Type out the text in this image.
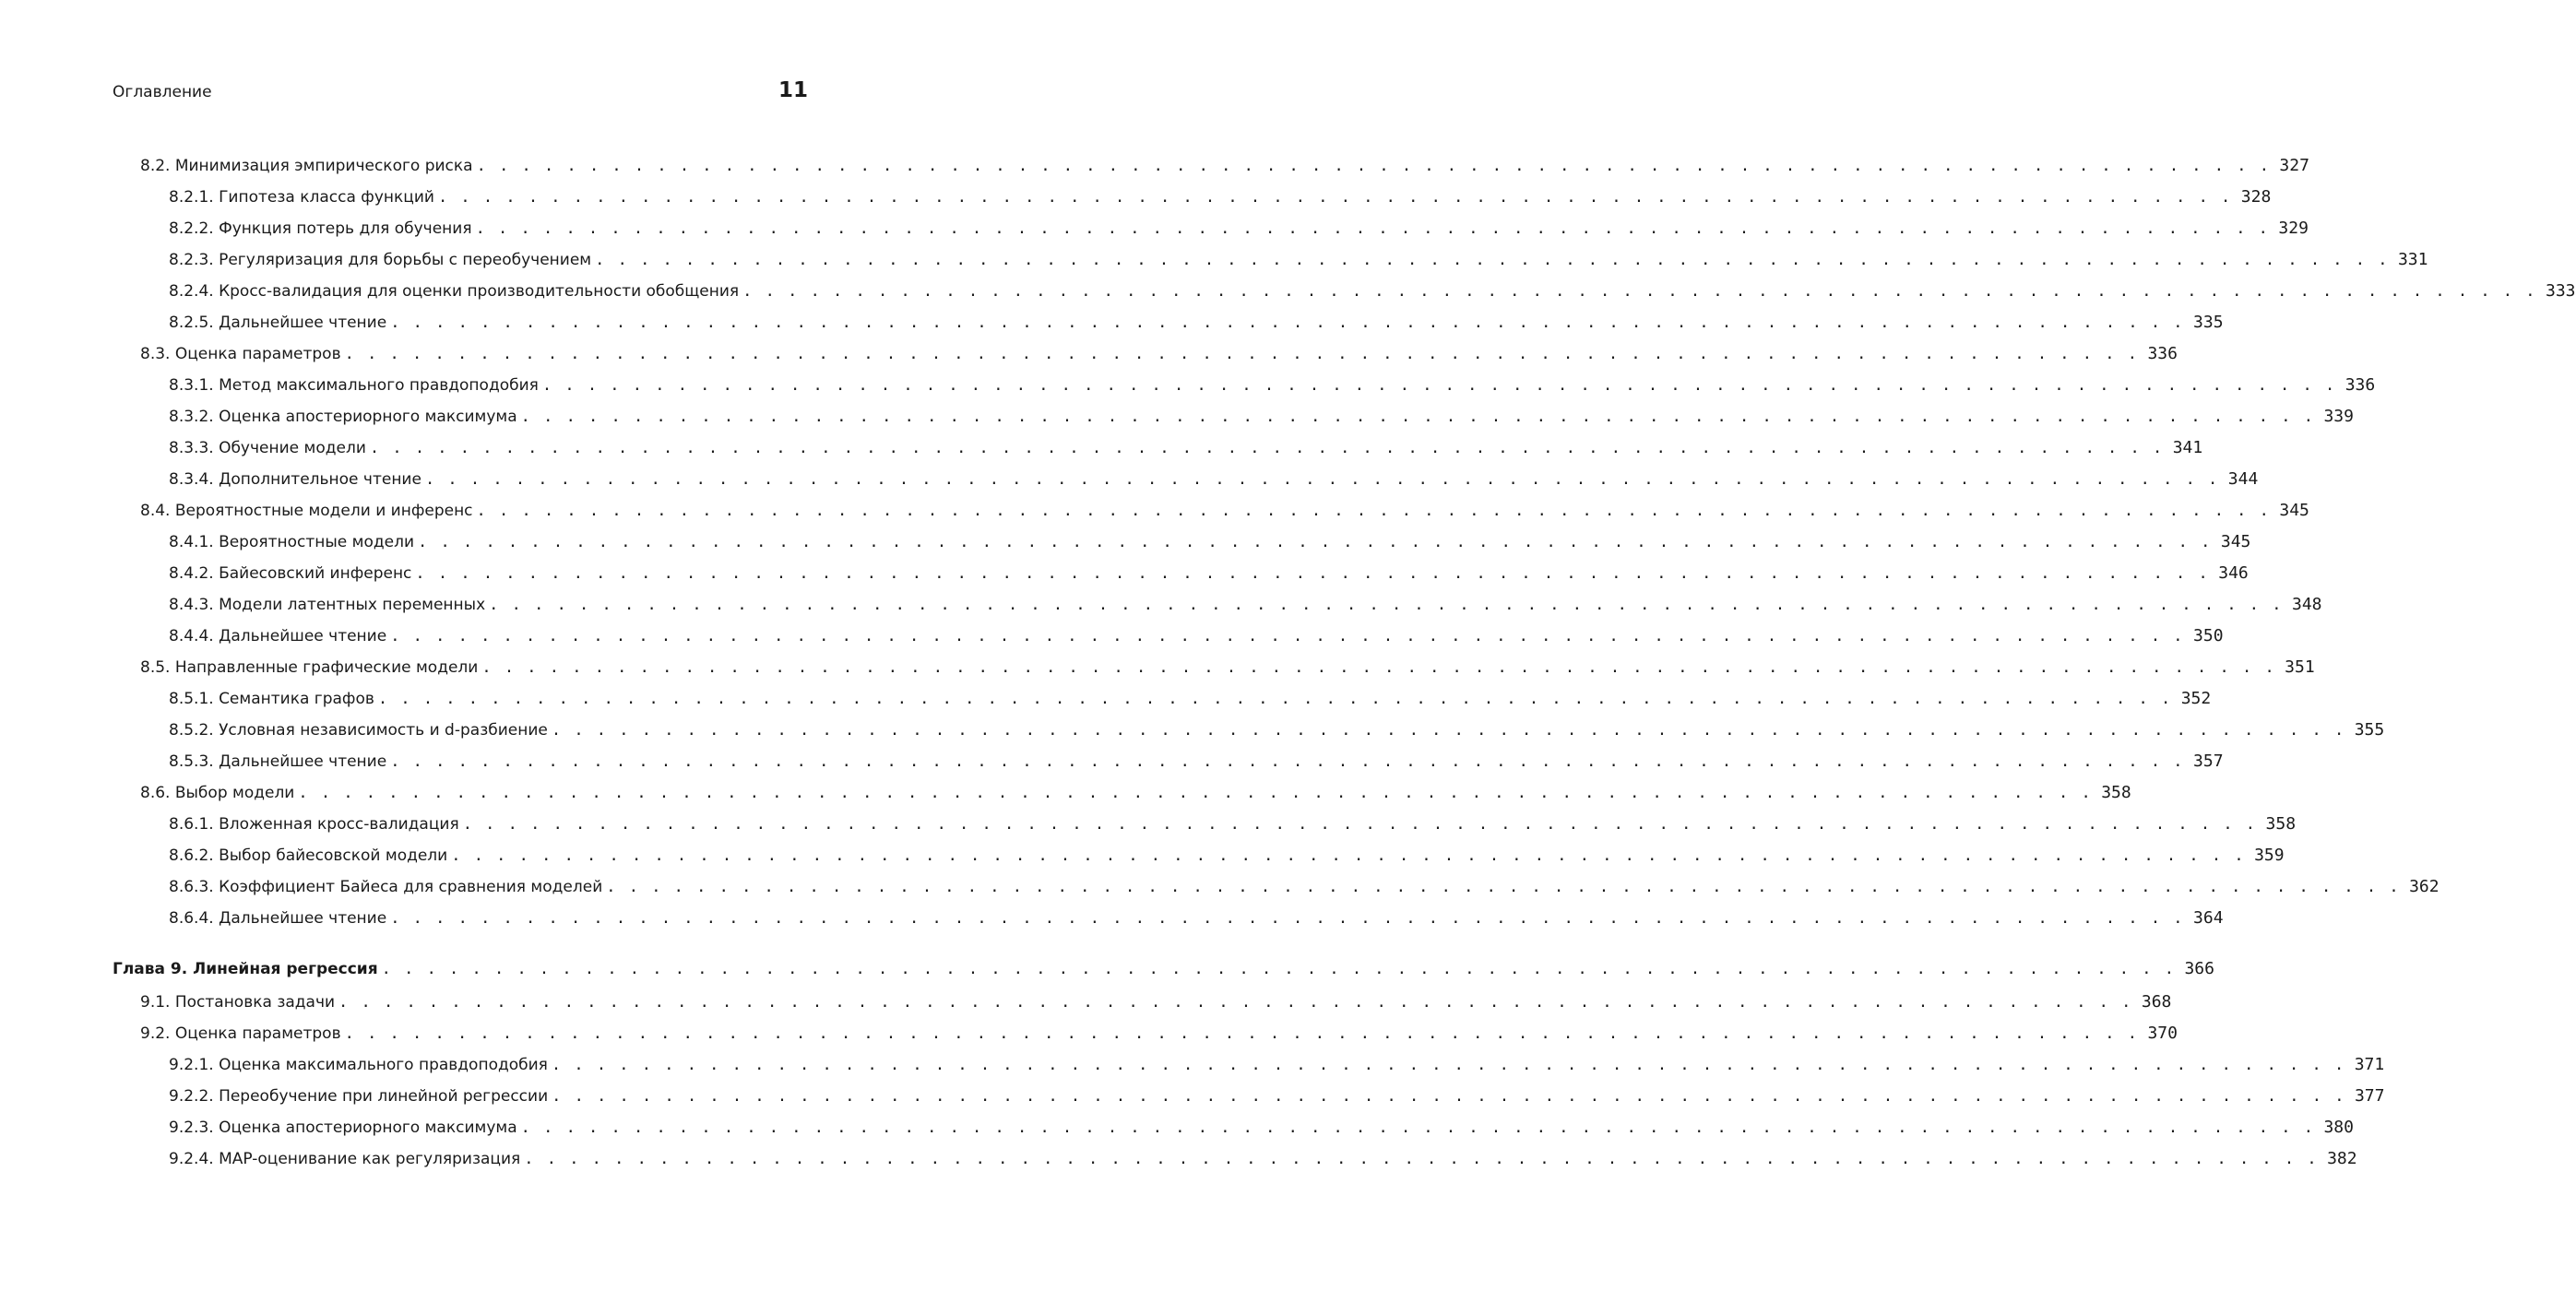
Оглавление	11
8.2. Минимизация эмпирического риска . . . . . . . . . . . . . . . . . . . . . . . . . . . . . . . . . . . . . . . . . . . . . . . . . . . . . . . . . . . . . . . . . . . . . . . . . . . . . . . . 327
8.2.1. Гипотеза класса функций . . . . . . . . . . . . . . . . . . . . . . . . . . . . . . . . . . . . . . . . . . . . . . . . . . . . . . . . . . . . . . . . . . . . . . . . . . . . . . . . 328
8.2.2. Функция потерь для обучения . . . . . . . . . . . . . . . . . . . . . . . . . . . . . . . . . . . . . . . . . . . . . . . . . . . . . . . . . . . . . . . . . . . . . . . . . . . . . . . . 329
8.2.3. Регуляризация для борьбы с переобучением . . . . . . . . . . . . . . . . . . . . . . . . . . . . . . . . . . . . . . . . . . . . . . . . . . . . . . . . . . . . . . . . . . . . . . . . . . . . . . . . 331
8.2.4. Кросс-валидация для оценки производительности обобщения . . . . . . . . . . . . . . . . . . . . . . . . . . . . . . . . . . . . . . . . . . . . . . . . . . . . . . . . . . . . . . . . . . . . . . . . . . . . . . . . 333
8.2.5. Дальнейшее чтение . . . . . . . . . . . . . . . . . . . . . . . . . . . . . . . . . . . . . . . . . . . . . . . . . . . . . . . . . . . . . . . . . . . . . . . . . . . . . . . . 335
8.3. Оценка параметров . . . . . . . . . . . . . . . . . . . . . . . . . . . . . . . . . . . . . . . . . . . . . . . . . . . . . . . . . . . . . . . . . . . . . . . . . . . . . . . . 336
8.3.1. Метод максимального правдоподобия . . . . . . . . . . . . . . . . . . . . . . . . . . . . . . . . . . . . . . . . . . . . . . . . . . . . . . . . . . . . . . . . . . . . . . . . . . . . . . . . 336
8.3.2. Оценка апостериорного максимума . . . . . . . . . . . . . . . . . . . . . . . . . . . . . . . . . . . . . . . . . . . . . . . . . . . . . . . . . . . . . . . . . . . . . . . . . . . . . . . . 339
8.3.3. Обучение модели . . . . . . . . . . . . . . . . . . . . . . . . . . . . . . . . . . . . . . . . . . . . . . . . . . . . . . . . . . . . . . . . . . . . . . . . . . . . . . . . 341
8.3.4. Дополнительное чтение . . . . . . . . . . . . . . . . . . . . . . . . . . . . . . . . . . . . . . . . . . . . . . . . . . . . . . . . . . . . . . . . . . . . . . . . . . . . . . . . 344
8.4. Вероятностные модели и инференс . . . . . . . . . . . . . . . . . . . . . . . . . . . . . . . . . . . . . . . . . . . . . . . . . . . . . . . . . . . . . . . . . . . . . . . . . . . . . . . . 345
8.4.1. Вероятностные модели . . . . . . . . . . . . . . . . . . . . . . . . . . . . . . . . . . . . . . . . . . . . . . . . . . . . . . . . . . . . . . . . . . . . . . . . . . . . . . . . 345
8.4.2. Байесовский инференс . . . . . . . . . . . . . . . . . . . . . . . . . . . . . . . . . . . . . . . . . . . . . . . . . . . . . . . . . . . . . . . . . . . . . . . . . . . . . . . . 346
8.4.3. Модели латентных переменных . . . . . . . . . . . . . . . . . . . . . . . . . . . . . . . . . . . . . . . . . . . . . . . . . . . . . . . . . . . . . . . . . . . . . . . . . . . . . . . . 348
8.4.4. Дальнейшее чтение . . . . . . . . . . . . . . . . . . . . . . . . . . . . . . . . . . . . . . . . . . . . . . . . . . . . . . . . . . . . . . . . . . . . . . . . . . . . . . . . 350
8.5. Направленные графические модели . . . . . . . . . . . . . . . . . . . . . . . . . . . . . . . . . . . . . . . . . . . . . . . . . . . . . . . . . . . . . . . . . . . . . . . . . . . . . . . . 351
8.5.1. Семантика графов . . . . . . . . . . . . . . . . . . . . . . . . . . . . . . . . . . . . . . . . . . . . . . . . . . . . . . . . . . . . . . . . . . . . . . . . . . . . . . . . 352
8.5.2. Условная независимость и d-разбиение . . . . . . . . . . . . . . . . . . . . . . . . . . . . . . . . . . . . . . . . . . . . . . . . . . . . . . . . . . . . . . . . . . . . . . . . . . . . . . . . 355
8.5.3. Дальнейшее чтение . . . . . . . . . . . . . . . . . . . . . . . . . . . . . . . . . . . . . . . . . . . . . . . . . . . . . . . . . . . . . . . . . . . . . . . . . . . . . . . . 357
8.6. Выбор модели . . . . . . . . . . . . . . . . . . . . . . . . . . . . . . . . . . . . . . . . . . . . . . . . . . . . . . . . . . . . . . . . . . . . . . . . . . . . . . . . 358
8.6.1. Вложенная кросс-валидация . . . . . . . . . . . . . . . . . . . . . . . . . . . . . . . . . . . . . . . . . . . . . . . . . . . . . . . . . . . . . . . . . . . . . . . . . . . . . . . . 358
8.6.2. Выбор байесовской модели . . . . . . . . . . . . . . . . . . . . . . . . . . . . . . . . . . . . . . . . . . . . . . . . . . . . . . . . . . . . . . . . . . . . . . . . . . . . . . . . 359
8.6.3. Коэффициент Байеса для сравнения моделей . . . . . . . . . . . . . . . . . . . . . . . . . . . . . . . . . . . . . . . . . . . . . . . . . . . . . . . . . . . . . . . . . . . . . . . . . . . . . . . . 362
8.6.4. Дальнейшее чтение . . . . . . . . . . . . . . . . . . . . . . . . . . . . . . . . . . . . . . . . . . . . . . . . . . . . . . . . . . . . . . . . . . . . . . . . . . . . . . . . 364
Глава 9. Линейная регрессия . . . . . . . . . . . . . . . . . . . . . . . . . . . . . . . . . . . . . . . . . . . . . . . . . . . . . . . . . . . . . . . . . . . . . . . . . . . . . . . . 366
9.1. Постановка задачи . . . . . . . . . . . . . . . . . . . . . . . . . . . . . . . . . . . . . . . . . . . . . . . . . . . . . . . . . . . . . . . . . . . . . . . . . . . . . . . . 368
9.2. Оценка параметров . . . . . . . . . . . . . . . . . . . . . . . . . . . . . . . . . . . . . . . . . . . . . . . . . . . . . . . . . . . . . . . . . . . . . . . . . . . . . . . . 370
9.2.1. Оценка максимального правдоподобия . . . . . . . . . . . . . . . . . . . . . . . . . . . . . . . . . . . . . . . . . . . . . . . . . . . . . . . . . . . . . . . . . . . . . . . . . . . . . . . . 371
9.2.2. Переобучение при линейной регрессии . . . . . . . . . . . . . . . . . . . . . . . . . . . . . . . . . . . . . . . . . . . . . . . . . . . . . . . . . . . . . . . . . . . . . . . . . . . . . . . . 377
9.2.3. Оценка апостериорного максимума . . . . . . . . . . . . . . . . . . . . . . . . . . . . . . . . . . . . . . . . . . . . . . . . . . . . . . . . . . . . . . . . . . . . . . . . . . . . . . . . 380
9.2.4. MAP-оценивание как регуляризация . . . . . . . . . . . . . . . . . . . . . . . . . . . . . . . . . . . . . . . . . . . . . . . . . . . . . . . . . . . . . . . . . . . . . . . . . . . . . . . . 382
